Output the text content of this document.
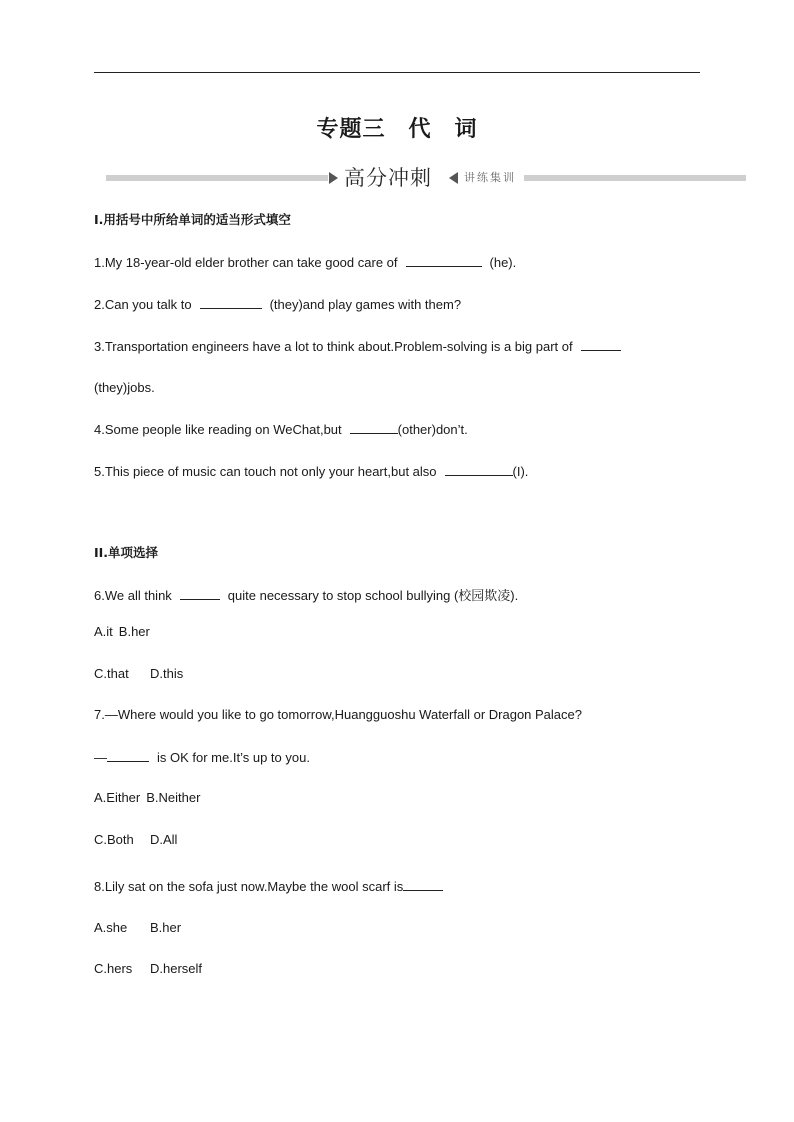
专题三　代　词
高分冲刺	讲练集训
I.用括号中所给单词的适当形式填空
1.My 18-year-old elder brother can take good care of	(he).
2.Can you talk to	(they)and play games with them?
3.Transportation engineers have a lot to think about.Problem-solving is a big part of
(they)jobs.
4.Some people like reading on WeChat,but	(other)don’t.
5.This piece of music can touch not only your heart,but also	(I).
II.单项选择
6.We all think	quite necessary to stop school bullying (校园欺凌).
A.it B.her
C.that D.this
7.—Where would you like to go tomorrow,Huangguoshu Waterfall or Dragon Palace?
—	is OK for me.It’s up to you.
A.Either B.Neither
C.Both D.All
8.Lily sat on the sofa just now.Maybe the wool scarf is
A.she B.her
C.hers D.herself
